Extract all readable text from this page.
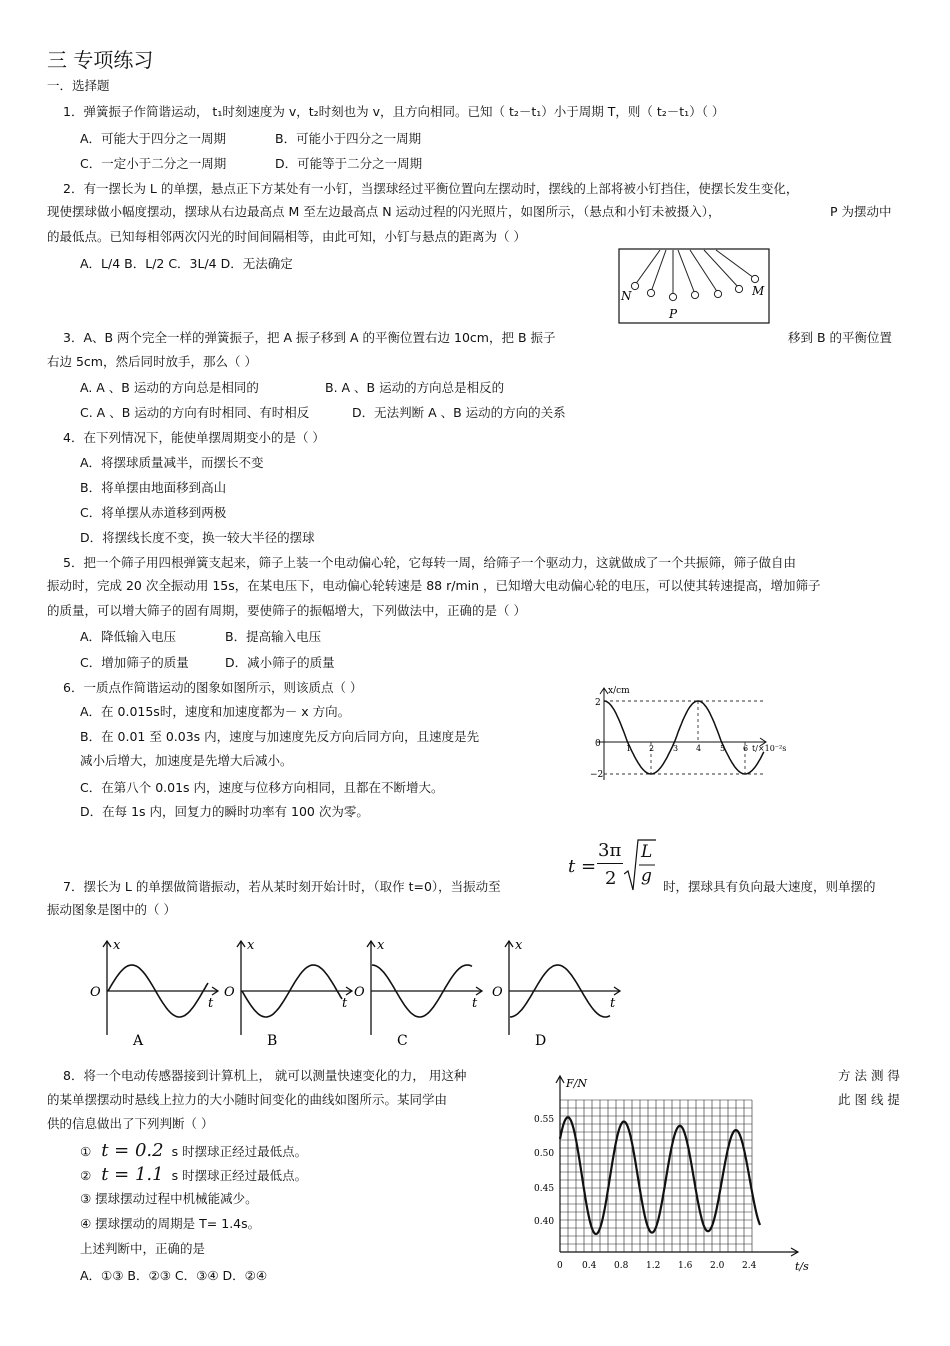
三 专项练习
一．选择题
1．弹簧振子作简谐运动， t₁时刻速度为 v，t₂时刻也为 v，且方向相同。已知（ t₂－t₁）小于周期 T，则（ t₂－t₁）（ ）
A．可能大于四分之一周期	B．可能小于四分之一周期
C．一定小于二分之一周期	D．可能等于二分之一周期
2．有一摆长为 L 的单摆，悬点正下方某处有一小钉，当摆球经过平衡位置向左摆动时，摆线的上部将被小钉挡住，使摆长发生变化，
现使摆球做小幅度摆动，摆球从右边最高点 M 至左边最高点 N 运动过程的闪光照片，如图所示，（悬点和小钉未被摄入），	P 为摆动中
的最低点。已知每相邻两次闪光的时间间隔相等，由此可知，小钉与悬点的距离为（ ）
A．L/4 B．L/2 C．3L/4 D．无法确定
N	M
P
3．A、B 两个完全一样的弹簧振子，把 A 振子移到 A 的平衡位置右边 10cm，把 B 振子	移到 B 的平衡位置
右边 5cm，然后同时放手，那么（ ）
A. A 、B 运动的方向总是相同的	B. A 、B 运动的方向总是相反的
C. A 、B 运动的方向有时相同、有时相反	D．无法判断 A 、B 运动的方向的关系
4．在下列情况下，能使单摆周期变小的是（ ）
A．将摆球质量减半，而摆长不变
B．将单摆由地面移到高山
C．将单摆从赤道移到两极
D．将摆线长度不变，换一较大半径的摆球
5．把一个筛子用四根弹簧支起来，筛子上装一个电动偏心轮，它每转一周，给筛子一个驱动力，这就做成了一个共振筛，筛子做自由
振动时，完成 20 次全振动用 15s，在某电压下，电动偏心轮转速是 88 r/min ，已知增大电动偏心轮的电压，可以使其转速提高，增加筛子
的质量，可以增大筛子的固有周期，要使筛子的振幅增大，下列做法中，正确的是（ ）
A．降低输入电压	B．提高输入电压
C．增加筛子的质量	D．减小筛子的质量
6．一质点作简谐运动的图象如图所示，则该质点（ ）
A．在 0.015s时，速度和加速度都为－ x 方向。
B．在 0.01 至 0.03s 内，速度与加速度先反方向后同方向，且速度是先
减小后增大，加速度是先增大后减小。
C．在第八个 0.01s 内，速度与位移方向相同，且都在不断增大。
D．在每 1s 内，回复力的瞬时功率有 100 次为零。
x/cm
t/×10⁻²s
2
0
−2
1 2 3 4 5 6
t =
3π
2
L
g
7．摆长为 L 的单摆做简谐振动，若从某时刻开始计时，（取作 t=0），当振动至	时，摆球具有负向最大速度，则单摆的
振动图象是图中的（ ）
x
t
O
A
x
t
O
B
x
t
O
C
x
t
O
D
8．将一个电动传感器接到计算机上， 就可以测量快速变化的力， 用这种	方 法 测 得
的某单摆摆动时悬线上拉力的大小随时间变化的曲线如图所示。某同学由	此 图 线 提
供的信息做出了下列判断（ ）
① t = 0.2 s 时摆球正经过最低点。
② t = 1.1 s 时摆球正经过最低点。
③ 摆球摆动过程中机械能减少。
④ 摆球摆动的周期是 T= 1.4s。
上述判断中，正确的是
A．①③ B．②③ C．③④ D．②④
F/N
t/s
0.55
0.50
0.45
0.40
0 0.4 0.8 1.2 1.6 2.0 2.4
